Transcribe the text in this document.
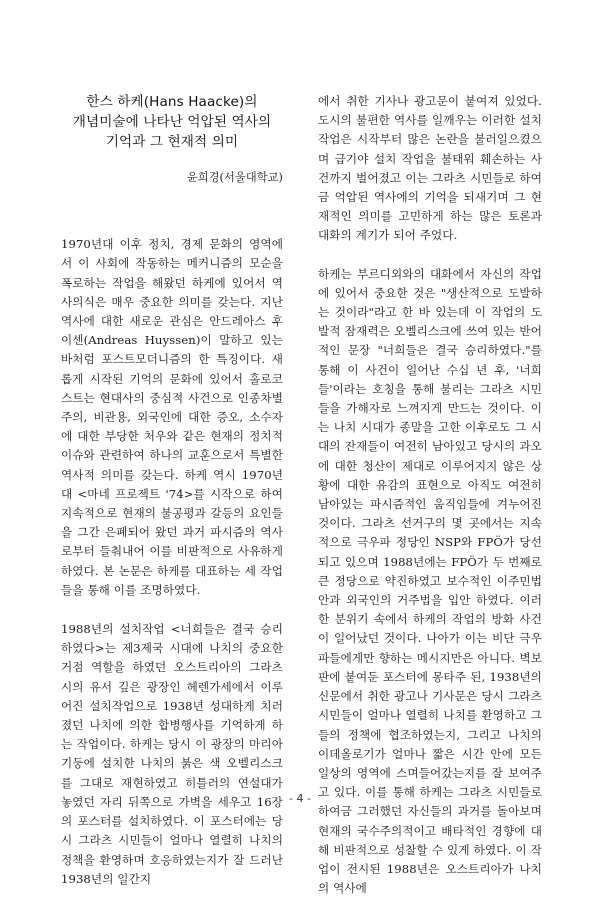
한스 하케(Hans Haacke)의
개념미술에 나타난 억압된 역사의
기억과 그 현재적 의미
윤희경(서울대학교)

1970년대 이후 정치, 경제 문화의 영역에서 이 사회에 작동하는 메커니즘의 모순을 폭로하는 작업을 해왔던 하케에 있어서 역사의식은 매우 중요한 의미를 갖는다. 지난 역사에 대한 새로운 관심은 안드레아스 후이센(Andreas Huyssen)이 말하고 있는 바처럼 포스트모더니즘의 한 특징이다. 새롭게 시작된 기억의 문화에 있어서 홀로코스트는 현대사의 중심적 사건으로 인종차별주의, 비관용, 외국인에 대한 증오, 소수자에 대한 부당한 처우와 같은 현재의 정치적 이슈와 관련하여 하나의 교훈으로서 특별한 역사적 의미를 갖는다. 하케 역시 1970년대 <마네 프로젝트 '74>를 시작으로 하여 지속적으로 현재의 불공평과 갈등의 요인들을 그간 은폐되어 왔던 과거 파시즘의 역사로부터 들춰내어 이를 비판적으로 사유하게 하였다. 본 논문은 하케를 대표하는 세 작업들을 통해 이를 조명하였다.

1988년의 설치작업 <너희들은 결국 승리하였다>는 제3제국 시대에 나치의 중요한 거점 역할을 하였던 오스트리아의 그라츠 시의 유서 깊은 광장인 헤렌가세에서 이루어진 설치작업으로 1938년 성대하게 치러졌던 나치에 의한 합병행사를 기억하게 하는 작업이다. 하케는 당시 이 광장의 마리아 기둥에 설치한 나치의 붉은 색 오벨리스크를 그대로 재현하였고 히틀러의 연설대가 놓였던 자리 뒤쪽으로 가벽을 세우고 16장의 포스터를 설치하였다. 이 포스터에는 당시 그라츠 시민들이 얼마나 열렬히 나치의 정책을 환영하며 호응하였는지가 잘 드러난 1938년의 일간지

에서 취한 기사나 광고문이 붙여져 있었다. 도시의 불편한 역사를 일깨우는 이러한 설치작업은 시작부터 많은 논란을 불러일으켰으며 급기야 설치 작업을 불태워 훼손하는 사건까지 벌어졌고 이는 그라츠 시민들로 하여금 억압된 역사에의 기억을 되새기며 그 현재적인 의미를 고민하게 하는 많은 토론과 대화의 계기가 되어 주었다.

하케는 부르디외와의 대화에서 자신의 작업에 있어서 중요한 것은 "생산적으로 도발하는 것이라"라고 한 바 있는데 이 작업의 도발적 잠재력은 오벨리스크에 쓰여 있는 반어적인 문장 "너희들은 결국 승리하였다."를 통해 이 사건이 일어난 수십 년 후, '너희들'이라는 호칭을 통해 불리는 그라츠 시민들을 가해자로 느껴지게 만드는 것이다. 이는 나치 시대가 종말을 고한 이후로도 그 시대의 잔재들이 여전히 남아있고 당시의 과오에 대한 청산이 제대로 이루어지지 않은 상황에 대한 유감의 표현으로 아직도 여전히 남아있는 파시즘적인 움직임들에 겨누어진 것이다. 그라츠 선거구의 몇 곳에서는 지속적으로 극우파 정당인 NSP와 FPÖ가 당선되고 있으며 1988년에는 FPÖ가 두 번째로 큰 정당으로 약진하였고 보수적인 이주민법안과 외국인의 거주법을 입안 하였다. 이러한 분위기 속에서 하케의 작업의 방화 사건이 일어났던 것이다. 나아가 이는 비단 극우파들에게만 향하는 메시지만은 아니다. 벽보판에 붙여둔 포스터에 몽타주 된, 1938년의 신문에서 취한 광고나 기사문은 당시 그라츠 시민들이 얼마나 열렬히 나치를 환영하고 그들의 정책에 협조하였는지, 그리고 나치의 이데올로기가 얼마나 짧은 시간 안에 모든 일상의 영역에 스며들어갔는지를 잘 보여주고 있다. 이를 통해 하케는 그라츠 시민들로 하여금 그러했던 자신들의 과거를 돌아보며 현재의 국수주의적이고 배타적인 경향에 대해 비판적으로 성찰할 수 있게 하였다. 이 작업이 전시된 1988년은 오스트리아가 나치의 역사에

- 4 -
